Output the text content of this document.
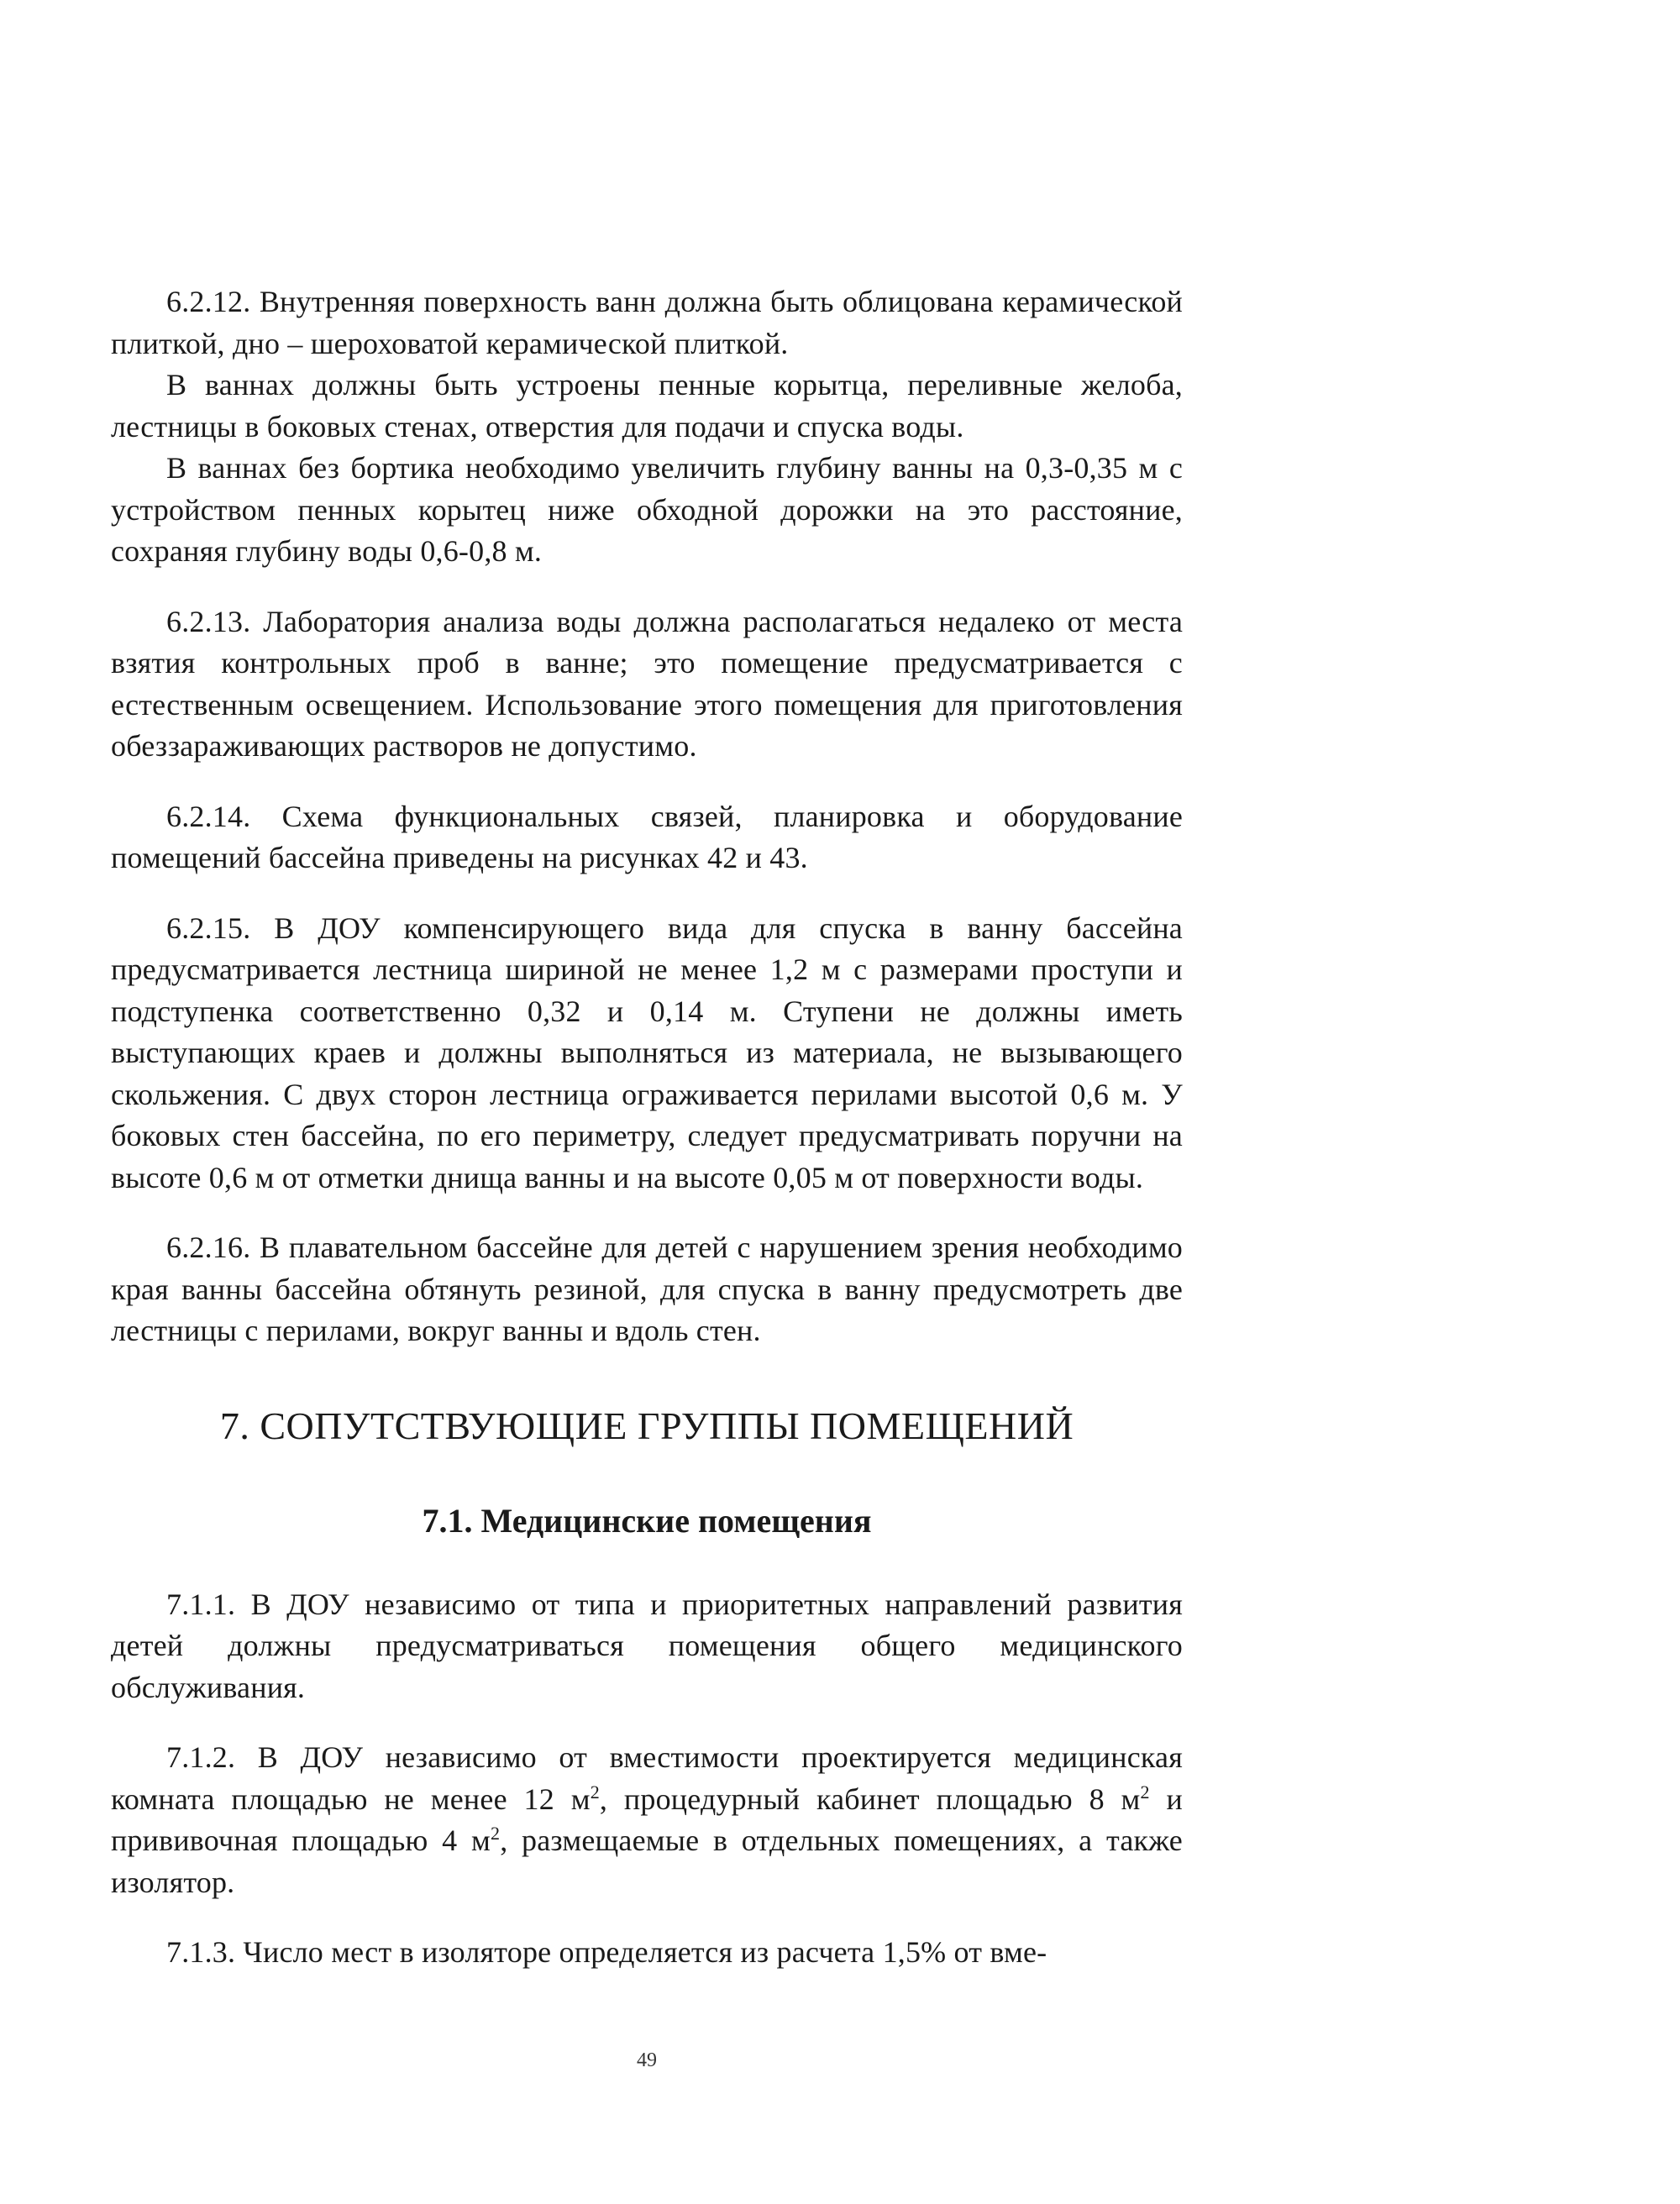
6.2.12. Внутренняя поверхность ванн должна быть облицована керамической плиткой, дно – шероховатой керамической плиткой.

В ваннах должны быть устроены пенные корытца, переливные желоба, лестницы в боковых стенах, отверстия для подачи и спуска воды.

В ваннах без бортика необходимо увеличить глубину ванны на 0,3-0,35 м с устройством пенных корытец ниже обходной дорожки на это расстояние, сохраняя глубину воды 0,6-0,8 м.

6.2.13. Лаборатория анализа воды должна располагаться недалеко от места взятия контрольных проб в ванне; это помещение предусматривается с естественным освещением. Использование этого помещения для приготовления обеззараживающих растворов не допустимо.

6.2.14. Схема функциональных связей, планировка и оборудование помещений бассейна приведены на рисунках 42 и 43.

6.2.15. В ДОУ компенсирующего вида для спуска в ванну бассейна предусматривается лестница шириной не менее 1,2 м с размерами проступи и подступенка соответственно 0,32 и 0,14 м. Ступени не должны иметь выступающих краев и должны выполняться из материала, не вызывающего скольжения. С двух сторон лестница ограживается перилами высотой 0,6 м. У боковых стен бассейна, по его периметру, следует предусматривать поручни на высоте 0,6 м от отметки днища ванны и на высоте 0,05 м от поверхности воды.

6.2.16. В плавательном бассейне для детей с нарушением зрения необходимо края ванны бассейна обтянуть резиной, для спуска в ванну предусмотреть две лестницы с перилами, вокруг ванны и вдоль стен.

7. СОПУТСТВУЮЩИЕ ГРУППЫ ПОМЕЩЕНИЙ
7.1. Медицинские помещения

7.1.1. В ДОУ независимо от типа и приоритетных направлений развития детей должны предусматриваться помещения общего медицинского обслуживания.

7.1.2. В ДОУ независимо от вместимости проектируется медицинская комната площадью не менее 12 $м^2$, процедурный кабинет площадью 8 $м^2$ и прививочная площадью 4 $м^2$, размещаемые в отдельных помещениях, а также изолятор.

7.1.3. Число мест в изоляторе определяется из расчета 1,5% от вме-

49
